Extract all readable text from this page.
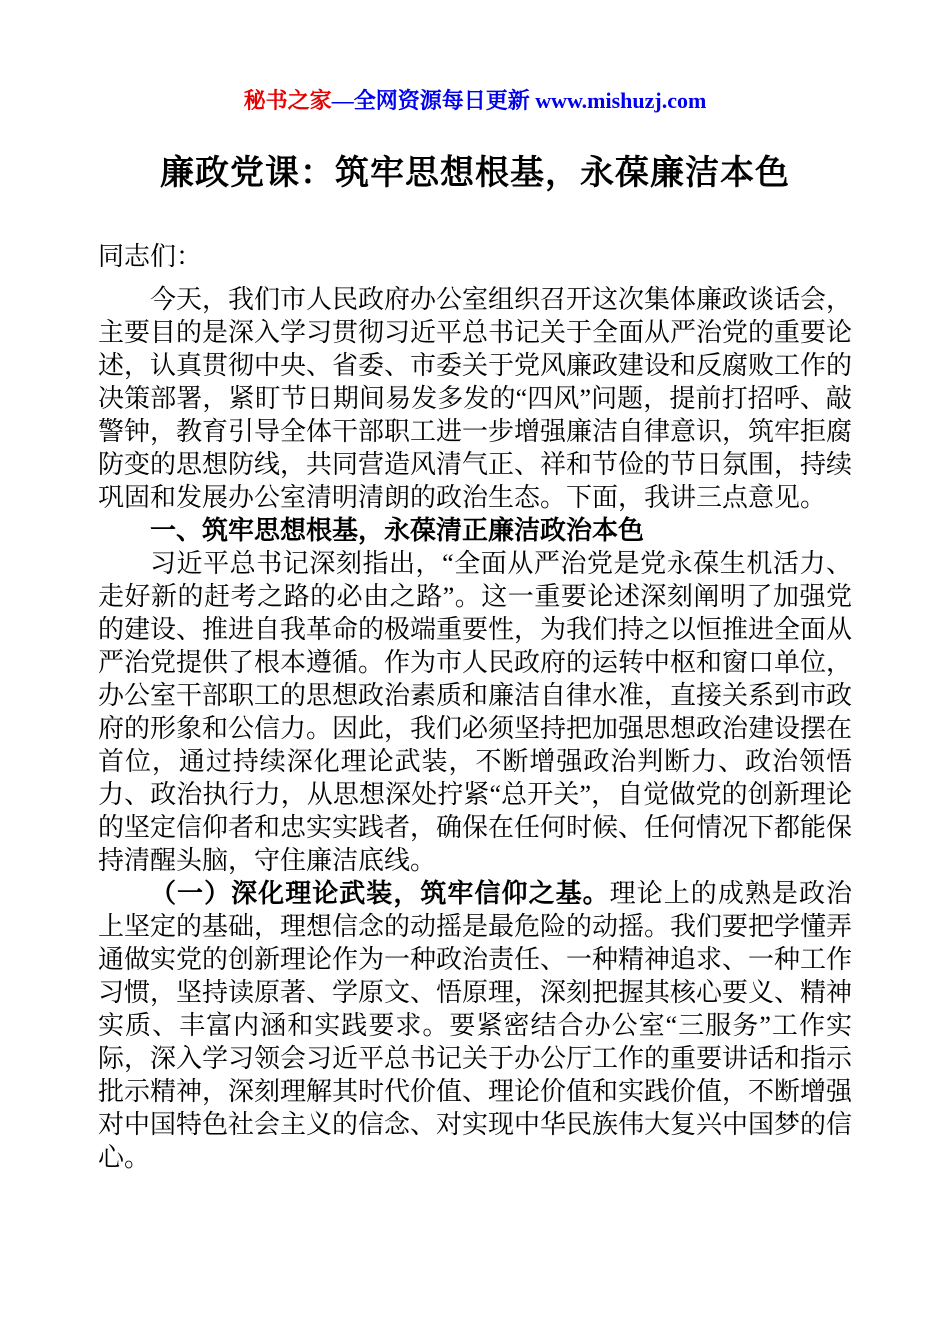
秘书之家—全网资源每日更新 www.mishuzj.com
廉政党课：筑牢思想根基，永葆廉洁本色

同志们：

今天，我们市人民政府办公室组织召开这次集体廉政谈话会，主要目的是深入学习贯彻习近平总书记关于全面从严治党的重要论述，认真贯彻中央、省委、市委关于党风廉政建设和反腐败工作的决策部署，紧盯节日期间易发多发的“四风”问题，提前打招呼、敲警钟，教育引导全体干部职工进一步增强廉洁自律意识，筑牢拒腐防变的思想防线，共同营造风清气正、祥和节俭的节日氛围，持续巩固和发展办公室清明清朗的政治生态。下面，我讲三点意见。

一、筑牢思想根基，永葆清正廉洁政治本色

习近平总书记深刻指出，“全面从严治党是党永葆生机活力、走好新的赶考之路的必由之路”。这一重要论述深刻阐明了加强党的建设、推进自我革命的极端重要性，为我们持之以恒推进全面从严治党提供了根本遵循。作为市人民政府的运转中枢和窗口单位，办公室干部职工的思想政治素质和廉洁自律水准，直接关系到市政府的形象和公信力。因此，我们必须坚持把加强思想政治建设摆在首位，通过持续深化理论武装，不断增强政治判断力、政治领悟力、政治执行力，从思想深处拧紧“总开关”，自觉做党的创新理论的坚定信仰者和忠实实践者，确保在任何时候、任何情况下都能保持清醒头脑，守住廉洁底线。

（一）深化理论武装，筑牢信仰之基。理论上的成熟是政治上坚定的基础，理想信念的动摇是最危险的动摇。我们要把学懂弄通做实党的创新理论作为一种政治责任、一种精神追求、一种工作习惯，坚持读原著、学原文、悟原理，深刻把握其核心要义、精神实质、丰富内涵和实践要求。要紧密结合办公室“三服务”工作实际，深入学习领会习近平总书记关于办公厅工作的重要讲话和指示批示精神，深刻理解其时代价值、理论价值和实践价值，不断增强对中国特色社会主义的信念、对实现中华民族伟大复兴中国梦的信心。
